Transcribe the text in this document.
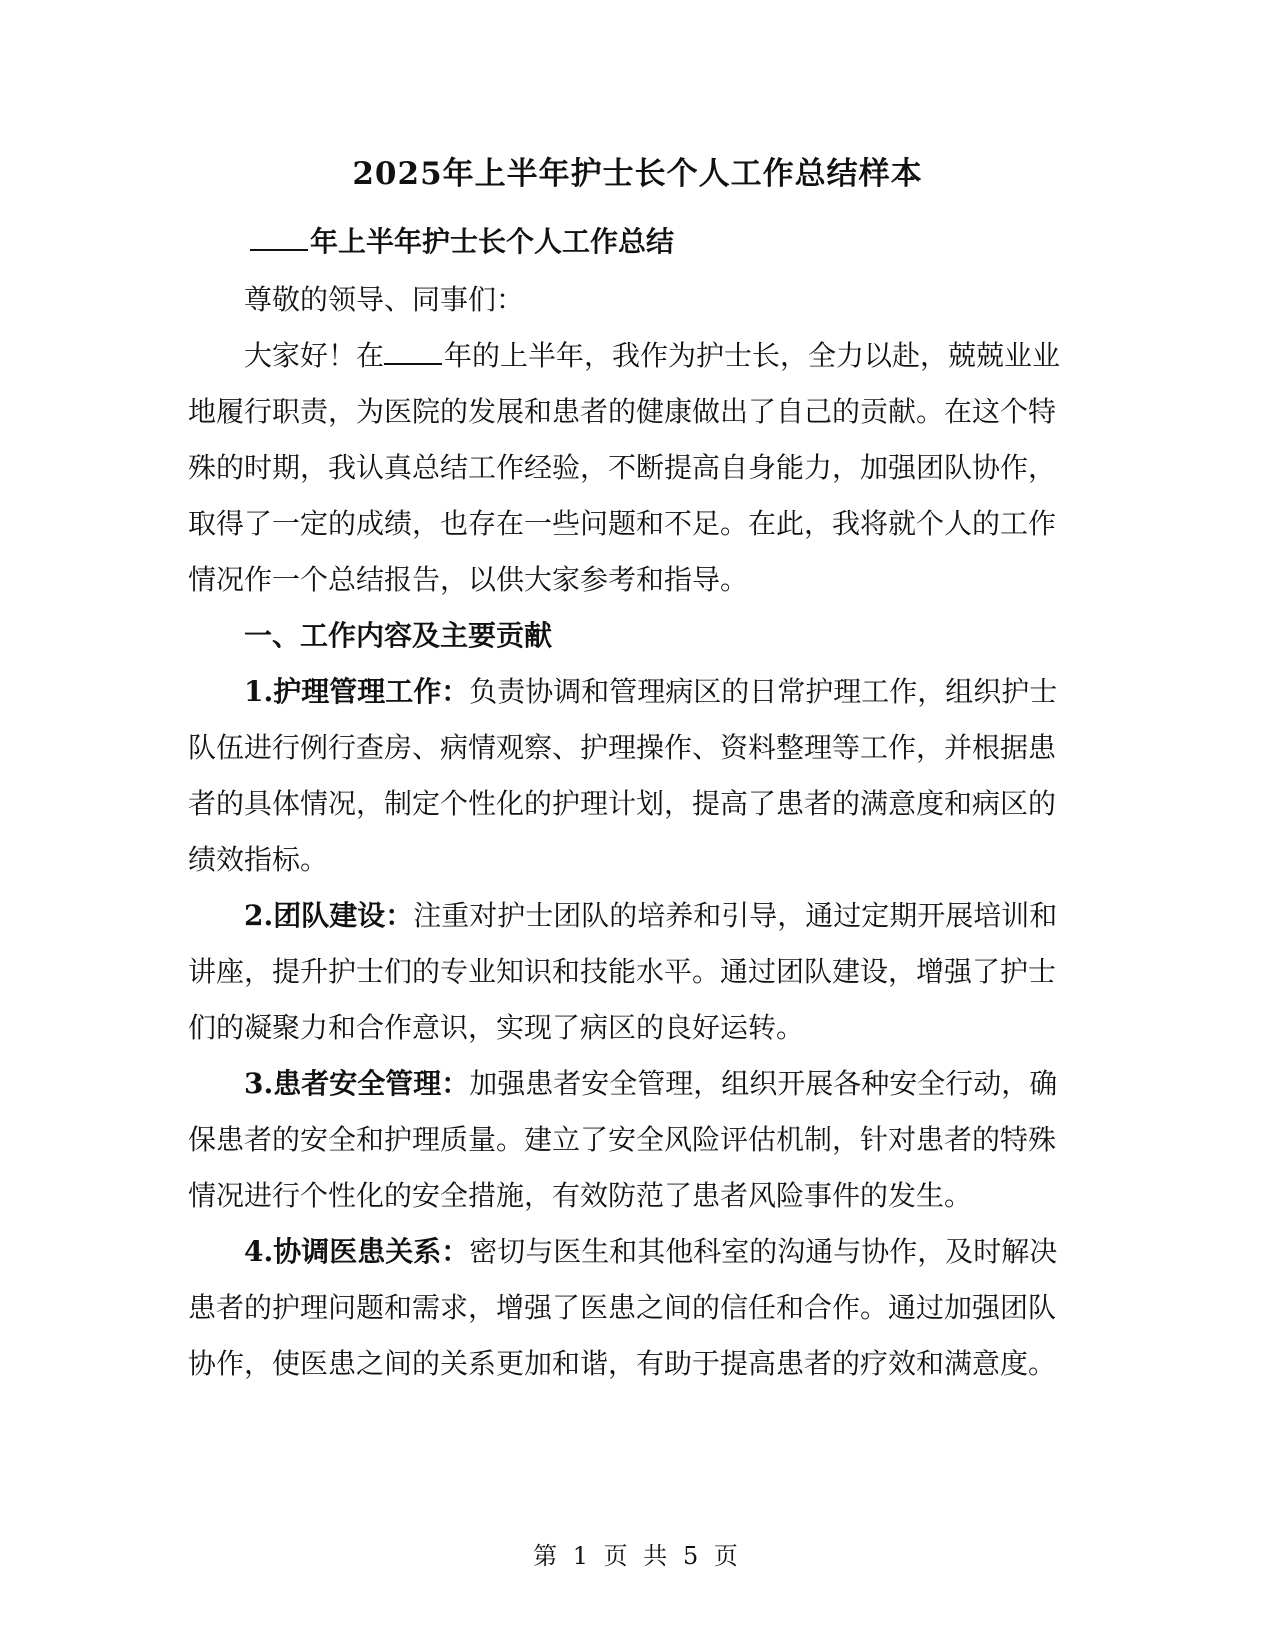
2025年上半年护士长个人工作总结样本

年上半年护士长个人工作总结

尊敬的领导、同事们：

大家好！在 年的上半年，我作为护士长，全力以赴，兢兢业业地履行职责，为医院的发展和患者的健康做出了自己的贡献。在这个特殊的时期，我认真总结工作经验，不断提高自身能力，加强团队协作，取得了一定的成绩，也存在一些问题和不足。在此，我将就个人的工作情况作一个总结报告，以供大家参考和指导。

一、工作内容及主要贡献

1.护理管理工作：负责协调和管理病区的日常护理工作，组织护士队伍进行例行查房、病情观察、护理操作、资料整理等工作，并根据患者的具体情况，制定个性化的护理计划，提高了患者的满意度和病区的绩效指标。

2.团队建设：注重对护士团队的培养和引导，通过定期开展培训和讲座，提升护士们的专业知识和技能水平。通过团队建设，增强了护士们的凝聚力和合作意识，实现了病区的良好运转。

3.患者安全管理：加强患者安全管理，组织开展各种安全行动，确保患者的安全和护理质量。建立了安全风险评估机制，针对患者的特殊情况进行个性化的安全措施，有效防范了患者风险事件的发生。

4.协调医患关系：密切与医生和其他科室的沟通与协作，及时解决患者的护理问题和需求，增强了医患之间的信任和合作。通过加强团队协作，使医患之间的关系更加和谐，有助于提高患者的疗效和满意度。

第 1 页 共 5 页
